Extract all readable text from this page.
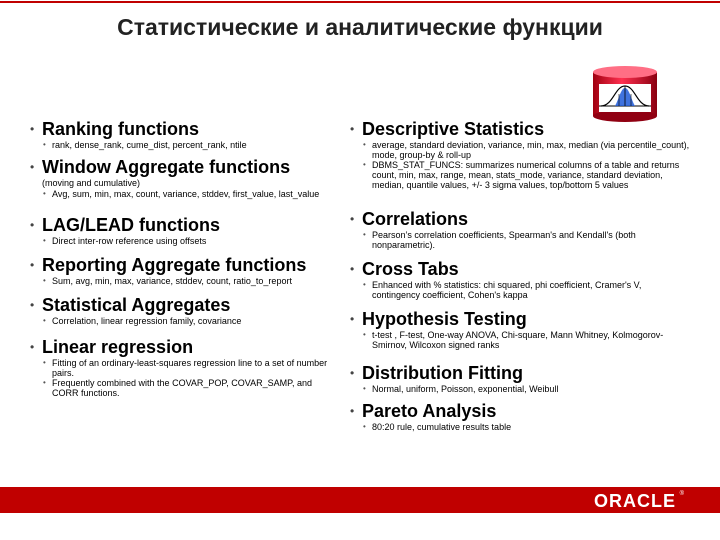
Статистические и аналитические функции
• Ranking functions
• rank, dense_rank, cume_dist, percent_rank, ntile
• Window Aggregate functions
(moving and cumulative)
• Avg, sum, min, max, count, variance, stddev, first_value, last_value
• LAG/LEAD functions
• Direct inter-row reference using offsets
• Reporting Aggregate functions
• Sum, avg, min, max, variance, stddev, count, ratio_to_report
• Statistical Aggregates
• Correlation, linear regression family, covariance
• Linear regression
• Fitting of an ordinary-least-squares regression line to a set of number pairs.
• Frequently combined with the COVAR_POP, COVAR_SAMP, and CORR functions.
• Descriptive Statistics
• average, standard deviation, variance, min, max, median (via percentile_count), mode, group-by & roll-up
• DBMS_STAT_FUNCS: summarizes numerical columns of a table and returns count, min, max, range, mean, stats_mode, variance, standard deviation, median, quantile values, +/- 3 sigma values, top/bottom 5 values
• Correlations
• Pearson’s correlation coefficients, Spearman's and Kendall's (both nonparametric).
• Cross Tabs
• Enhanced with % statistics: chi squared, phi coefficient, Cramer's V, contingency coefficient, Cohen's kappa
• Hypothesis Testing
• t-test , F-test, One-way ANOVA, Chi-square, Mann Whitney, Kolmogorov-Smirnov, Wilcoxon signed ranks
• Distribution Fitting
• Normal, uniform, Poisson, exponential, Weibull
• Pareto Analysis
• 80:20 rule, cumulative results table
ORACLE ®
